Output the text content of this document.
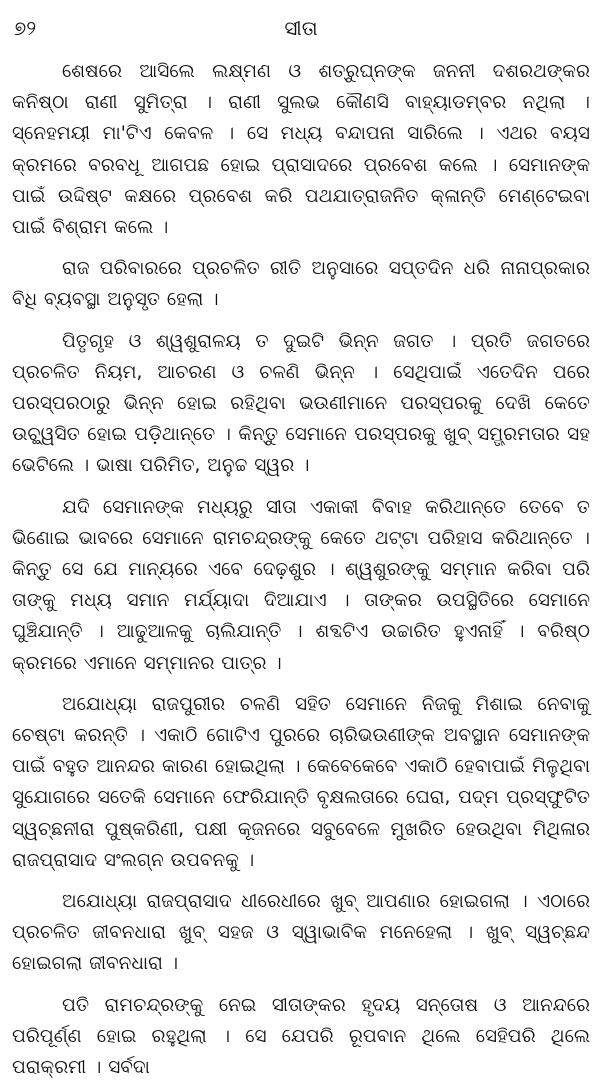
୭୨	ସୀତା

ଶେଷରେ ଆସିଲେ ଲକ୍ଷ୍ମଣ ଓ ଶତ୍ରୁଘ୍ନଙ୍କ ଜନନୀ ଦଶରଥଙ୍କର କନିଷ୍ଠା ରାଣୀ ସୁମିତ୍ରା । ରାଣୀ ସୁଲଭ କୌଣସି ବାହ୍ୟାଡମ୍ବର ନଥିଲା । ସ୍ନେହମୟୀ ମା'ଟିଏ କେବଳ । ସେ ମଧ୍ୟ ବନ୍ଦାପନା ସାରିଲେ । ଏଥର ବୟସ କ୍ରମରେ ବରବଧୂ ଆଗପଛ ହୋଇ ପ୍ରାସାଦରେ ପ୍ରବେଶ କଲେ । ସେମାନଙ୍କ ପାଇଁ ଉଦ୍ଦିଷ୍ଟ କକ୍ଷରେ ପ୍ରବେଶ କରି ପଥଯାତ୍ରାଜନିତ କ୍ଳାନ୍ତି ମେଣ୍ଟେଇବା ପାଇଁ ବିଶ୍ରାମ କଲେ ।

ରାଜ ପରିବାରରେ ପ୍ରଚଳିତ ରୀତି ଅନୁସାରେ ସପ୍ତଦିନ ଧରି ନାନାପ୍ରକାର ବିଧି ବ୍ୟବସ୍ଥା ଅନୁସୃତ ହେଲା ।

ପିତୃଗୃହ ଓ ଶ୍ୱଶୁରାଳୟ ତ ଦୁଇଟି ଭିନ୍ନ ଜଗତ । ପ୍ରତି ଜଗତରେ ପ୍ରଚଳିତ ନିୟମ, ଆଚରଣ ଓ ଚଳଣି ଭିନ୍ନ । ସେଥିପାଇଁ ଏତେଦିନ ପରେ ପରସ୍ପରଠାରୁ ଭିନ୍ନ ହୋଇ ରହିଥିବା ଭଉଣୀମାନେ ପରସ୍ପରକୁ ଦେଖି କେତେ ଉଚ୍ଛ୍ୱସିତ ହୋଇ ପଡ଼ିଥାନ୍ତେ । କିନ୍ତୁ ସେମାନେ ପରସ୍ପରକୁ ଖୁବ୍ ସମ୍ଭ୍ରମତାର ସହ ଭେଟିଲେ । ଭାଷା ପରିମିତ, ଅନୁଚ୍ଚ ସ୍ୱର ।

ଯଦି ସେମାନଙ୍କ ମଧ୍ୟରୁ ସୀତା ଏକାକୀ ବିବାହ କରିଥାନ୍ତେ ତେବେ ତ ଭିଣୋଇ ଭାବରେ ସେମାନେ ରାମଚନ୍ଦ୍ରଙ୍କୁ କେତେ ଥଟ୍ଟା ପରିହାସ କରିଥାନ୍ତେ । କିନ୍ତୁ ସେ ଯେ ମାନ୍ୟରେ ଏବେ ଦେଢ଼ଶୁର । ଶ୍ୱଶୁରଙ୍କୁ ସମ୍ମାନ କରିବା ପରି ତାଙ୍କୁ ମଧ୍ୟ ସମାନ ମର୍ଯ୍ୟାଦା ଦିଆଯାଏ । ତାଙ୍କର ଉପସ୍ଥିତିରେ ସେମାନେ ଘୁଞ୍ଚିଯାନ୍ତି । ଆଢୁଆଳକୁ ଚାଲିଯାନ୍ତି । ଶବ୍ଦଟିଏ ଉଚ୍ଚାରିତ ହୁଏନାହିଁ । ବରିଷ୍ଠ କ୍ରମରେ ଏମାନେ ସମ୍ମାନର ପାତ୍ର ।

ଅଯୋଧ୍ୟା ରାଜପୁରୀର ଚଳଣି ସହିତ ସେମାନେ ନିଜକୁ ମିଶାଇ ନେବାକୁ ଚେଷ୍ଟା କରନ୍ତି । ଏକାଠି ଗୋଟିଏ ପୁରରେ ଚାରିଭଉଣୀଙ୍କ ଅବସ୍ଥାନ ସେମାନଙ୍କ ପାଇଁ ବହୁତ ଆନନ୍ଦର କାରଣ ହୋଇଥିଲା । କେବେକେବେ ଏକାଠି ହେବାପାଇଁ ମିଳୁଥିବା ସୁଯୋଗରେ ସତେକି ସେମାନେ ଫେରିଯାନ୍ତି ବୃକ୍ଷଲତାରେ ଘେରା, ପଦ୍ମ ପ୍ରସ୍ଫୁଟିତ ସ୍ୱଚ୍ଛନୀରା ପୁଷ୍କରିଣୀ, ପକ୍ଷୀ କୂଜନରେ ସବୁବେଳେ ମୁଖରିତ ହେଉଥିବା ମିଥିଳାର ରାଜପ୍ରାସାଦ ସଂଲଗ୍ନ ଉପବନକୁ ।

ଅଯୋଧ୍ୟା ରାଜପ୍ରାସାଦ ଧୀରେଧୀରେ ଖୁବ୍ ଆପଣାର ହୋଇଗଲା । ଏଠାରେ ପ୍ରଚଳିତ ଜୀବନଧାରା ଖୁବ୍ ସହଜ ଓ ସ୍ୱାଭାବିକ ମନେହେଲା । ଖୁବ୍ ସ୍ୱଚ୍ଛନ୍ଦ ହୋଇଗଲା ଜୀବନଧାରା ।

ପତି ରାମଚନ୍ଦ୍ରଙ୍କୁ ନେଇ ସୀତାଙ୍କର ହୃଦୟ ସନ୍ତୋଷ ଓ ଆନନ୍ଦରେ ପରିପୂର୍ଣ୍ଣ ହୋଇ ରହୁଥିଲା । ସେ ଯେପରି ରୂପବାନ ଥିଲେ ସେହିପରି ଥିଲେ ପରାକ୍ରମୀ । ସର୍ବଦା
